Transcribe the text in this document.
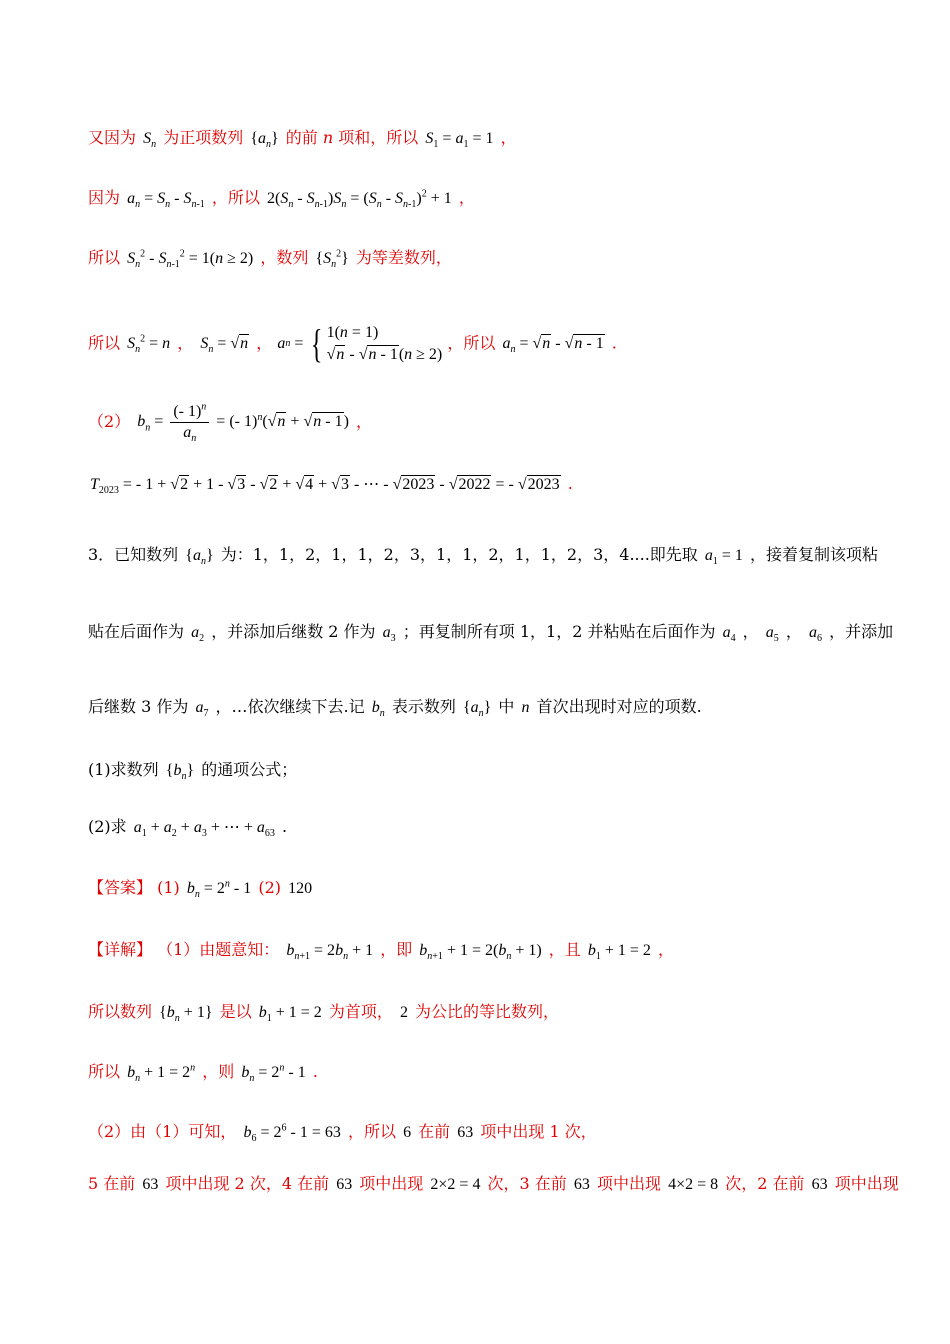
又因为 $S_n$ 为正项数列 $\{a_n\}$ 的前 n 项和，所以 $S_1 = a_1 = 1$ ，
因为 $a_n = S_n - S_{n-1}$ ，所以 $2(S_n - S_{n-1})S_n = (S_n - S_{n-1})^2 + 1$ ，
所以 $S_n^2 - S_{n-1}^2 = 1(n \ge 2)$ ，数列 $\{S_n^2\}$ 为等差数列，
所以 $S_n^2 = n$ ， $S_n = √n$ ， a n = { 1(n = 1)
√n - √n - 1(n ≥ 2)
，所以 $a_n = √n - √n - 1$ .
（2） $b_n = \frac{(- 1)^n}{a_n}$ = (- 1)$^n$(√n + √n - 1) ，
$T_{2023}$ = - 1 + √2 + 1 - √3 - √2 + √4 + √3 - ⋯ - √2023 - √2022 = - √2023 .
3．已知数列 $\{a_n\}$ 为：1，1，2，1，1，2，3，1，1，2，1，1，2，3，4....即先取 $a_1 = 1$ ，接着复制该项粘
贴在后面作为 $a_2$ ，并添加后继数 2 作为 $a_3$ ；再复制所有项 1，1，2 并粘贴在后面作为 $a_4$ ， $a_5$ ， $a_6$ ，并添加
后继数 3 作为 $a_7$ ，…依次继续下去.记 $b_n$ 表示数列 $\{a_n\}$ 中 n 首次出现时对应的项数.
(1)求数列 $\{b_n\}$ 的通项公式；
(2)求 $a_1 + a_2 + a_3$ + ⋯ + $a_{63}$ .
【答案】 (1) $b_n = 2^n - 1$ (2) 120
【详解】 （1）由题意知： $b_{n+1} = 2b_n + 1$ ，即 $b_{n+1} + 1 = 2(b_n + 1)$ ，且 $b_1 + 1 = 2$ ，
所以数列 $\{b_n + 1\}$ 是以 $b_1 + 1 = 2$ 为首项， 2 为公比的等比数列，
所以 $b_n + 1 = 2^n$ ，则 $b_n = 2^n - 1$ .
（2）由（1）可知， $b_6 = 2^6 - 1 = 63$ ，所以 6 在前 63 项中出现 1 次，
5 在前 63 项中出现 2 次，4 在前 63 项中出现 2×2 = 4 次，3 在前 63 项中出现 4×2 = 8 次，2 在前 63 项中出现
